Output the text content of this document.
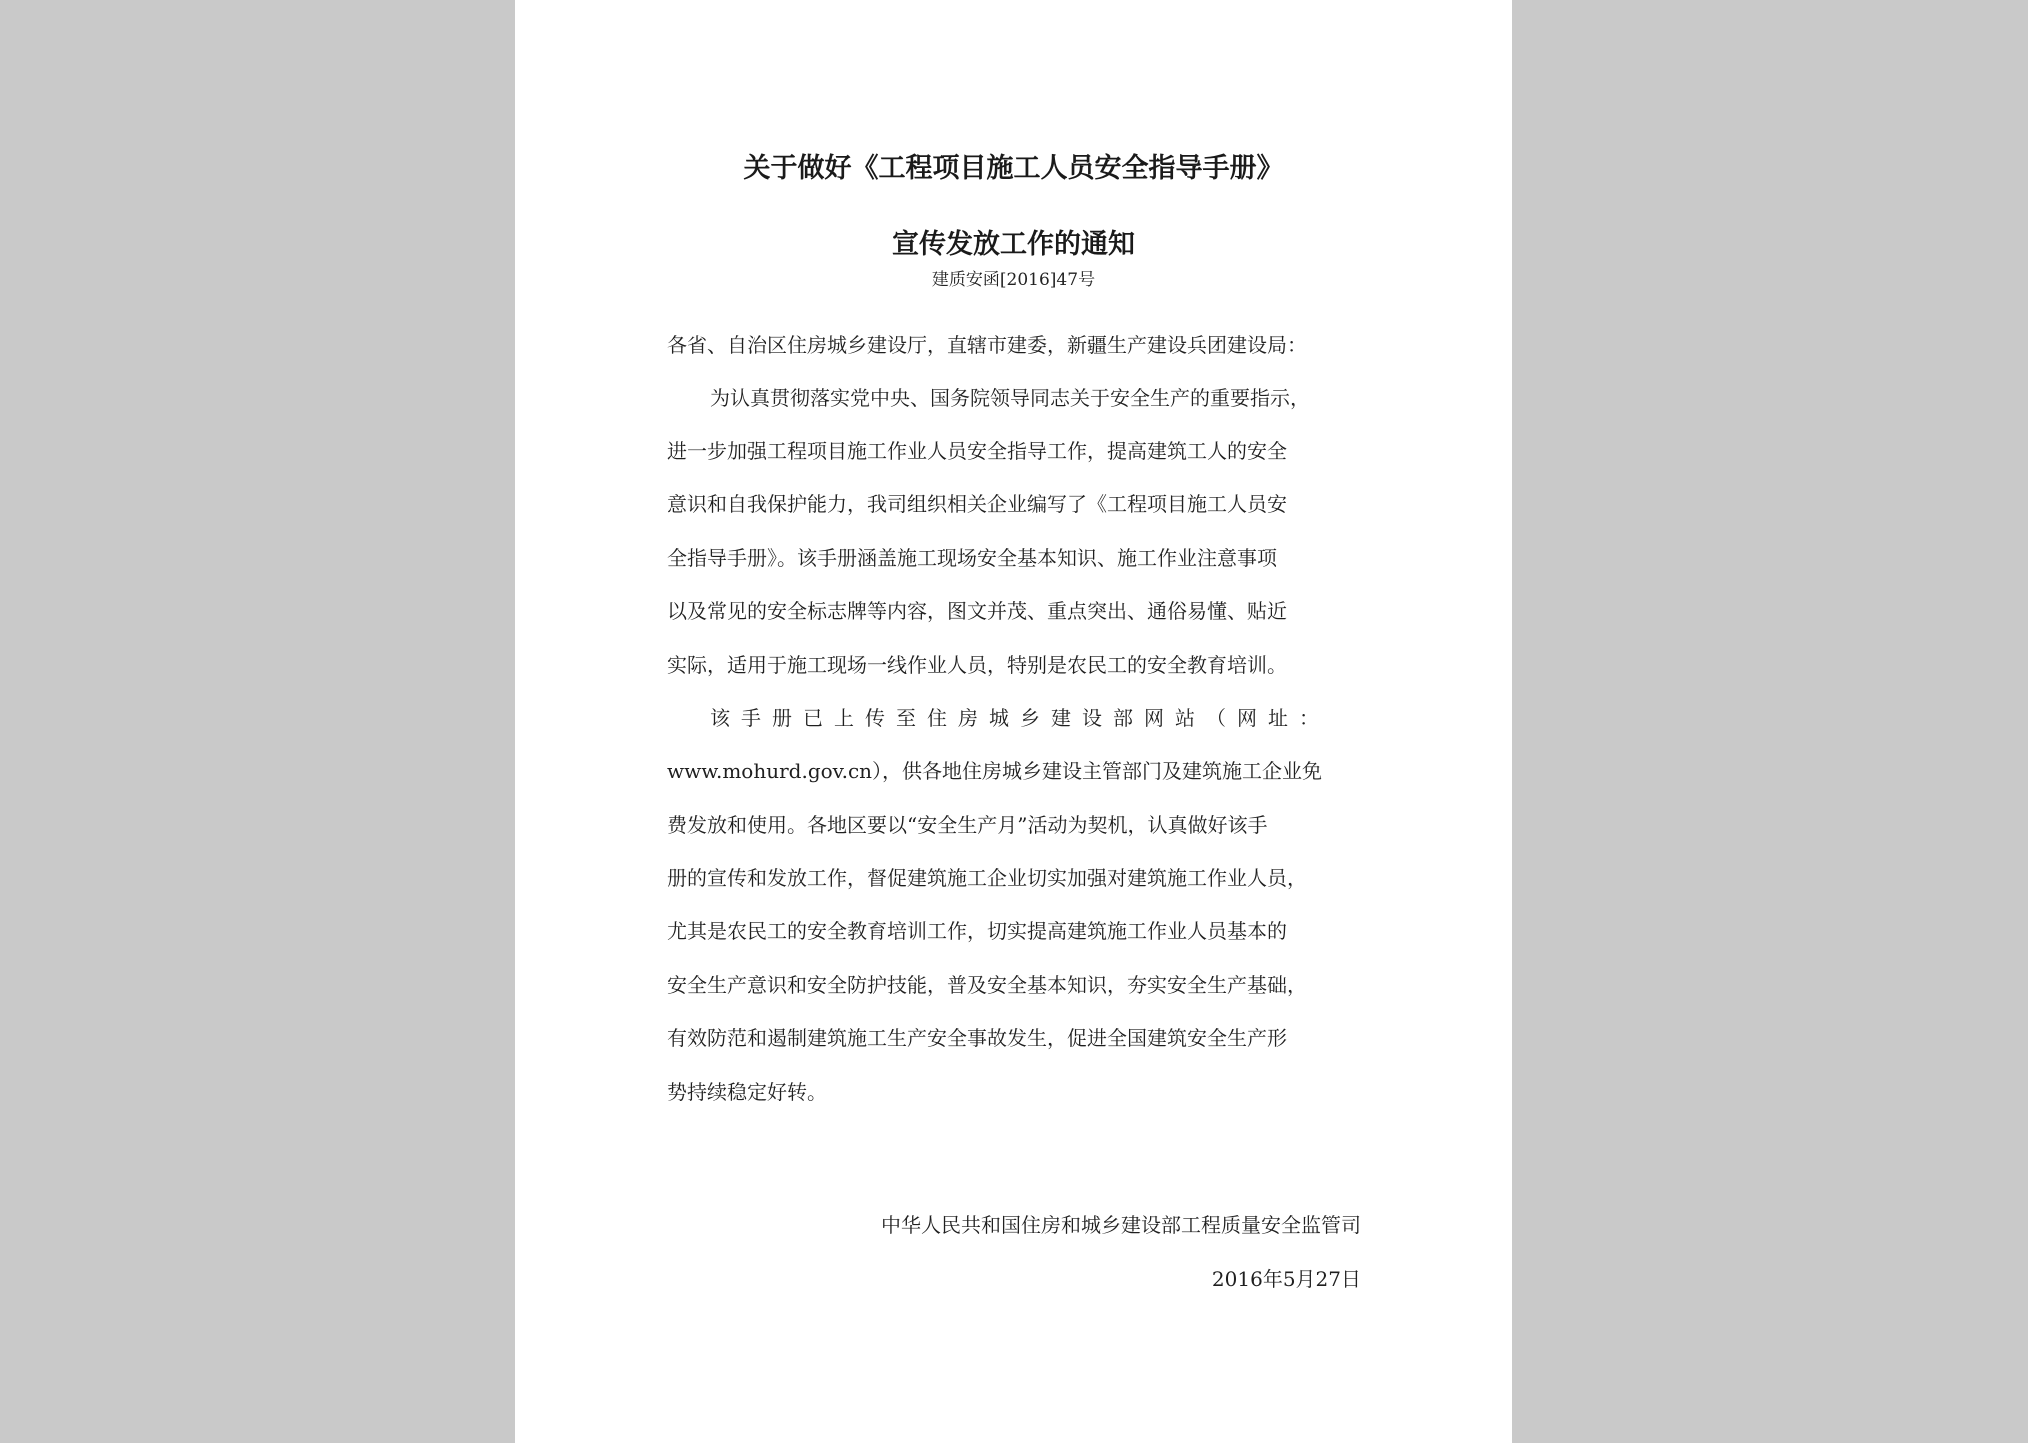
关于做好《工程项目施工人员安全指导手册》
宣传发放工作的通知
建质安函[2016]47号
各省、自治区住房城乡建设厅，直辖市建委，新疆生产建设兵团建设局：
为认真贯彻落实党中央、国务院领导同志关于安全生产的重要指示，
进一步加强工程项目施工作业人员安全指导工作，提高建筑工人的安全
意识和自我保护能力，我司组织相关企业编写了《工程项目施工人员安
全指导手册》。该手册涵盖施工现场安全基本知识、施工作业注意事项
以及常见的安全标志牌等内容，图文并茂、重点突出、通俗易懂、贴近
实际，适用于施工现场一线作业人员，特别是农民工的安全教育培训。
该手册已上传至住房城乡建设部网站（网址：
www.mohurd.gov.cn），供各地住房城乡建设主管部门及建筑施工企业免
费发放和使用。各地区要以“安全生产月”活动为契机，认真做好该手
册的宣传和发放工作，督促建筑施工企业切实加强对建筑施工作业人员，
尤其是农民工的安全教育培训工作，切实提高建筑施工作业人员基本的
安全生产意识和安全防护技能，普及安全基本知识，夯实安全生产基础，
有效防范和遏制建筑施工生产安全事故发生，促进全国建筑安全生产形
势持续稳定好转。
中华人民共和国住房和城乡建设部工程质量安全监管司
2016年5月27日
